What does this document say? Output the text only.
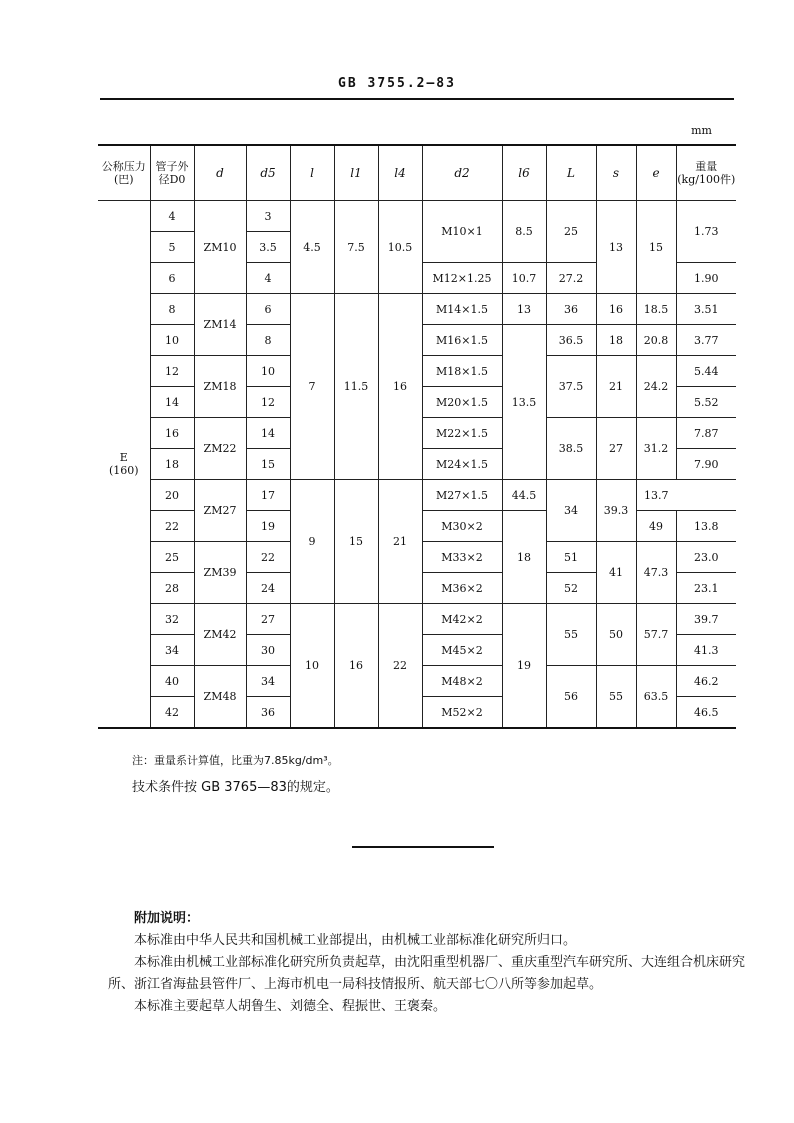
GB 3755.2—83
mm
公称压力(巴)	管子外径D0	d	d5	l	l1	l4	d2	l6	L	s	e	重量(kg/100件)

E
(160)	4	ZM10	3	4.5	7.5	10.5	M10×1	8.5	25	13	15	1.73
	5		3.5									
	6		4				M12×1.25	10.7	27.2			1.90
	8	ZM14	6	7	11.5	16	M14×1.5	13	36	16	18.5	3.51
	10		8				M16×1.5	13.5	36.5	18	20.8	3.77
	12	ZM18	10				M18×1.5		37.5	21	24.2	5.44
	14		12				M20×1.5					5.52
	16	ZM22	14				M22×1.5		38.5	27	31.2	7.87
	18		15				M24×1.5					7.90
	20	ZM27	17	9	15	21	M27×1.5	44.5	34	39.3	13.7	
	22		19				M30×2	18			49	13.8
	25	ZM39	22				M33×2		51	41	47.3	23.0
	28		24				M36×2		52			23.1
	32	ZM42	27	10	16	22	M42×2	19	55	50	57.7	39.7
	34		30				M45×2					41.3
	40	ZM48	34				M48×2		56	55	63.5	46.2
	42		36				M52×2					46.5
注：重量系计算值，比重为7.85kg/dm³。
技术条件按 GB 3765—83的规定。
附加说明：
本标准由中华人民共和国机械工业部提出，由机械工业部标准化研究所归口。
本标准由机械工业部标准化研究所负责起草，由沈阳重型机器厂、重庆重型汽车研究所、大连组合机床研究所、浙江省海盐县管件厂、上海市机电一局科技情报所、航天部七〇八所等参加起草。
本标准主要起草人胡鲁生、刘德全、程振世、王褒秦。
